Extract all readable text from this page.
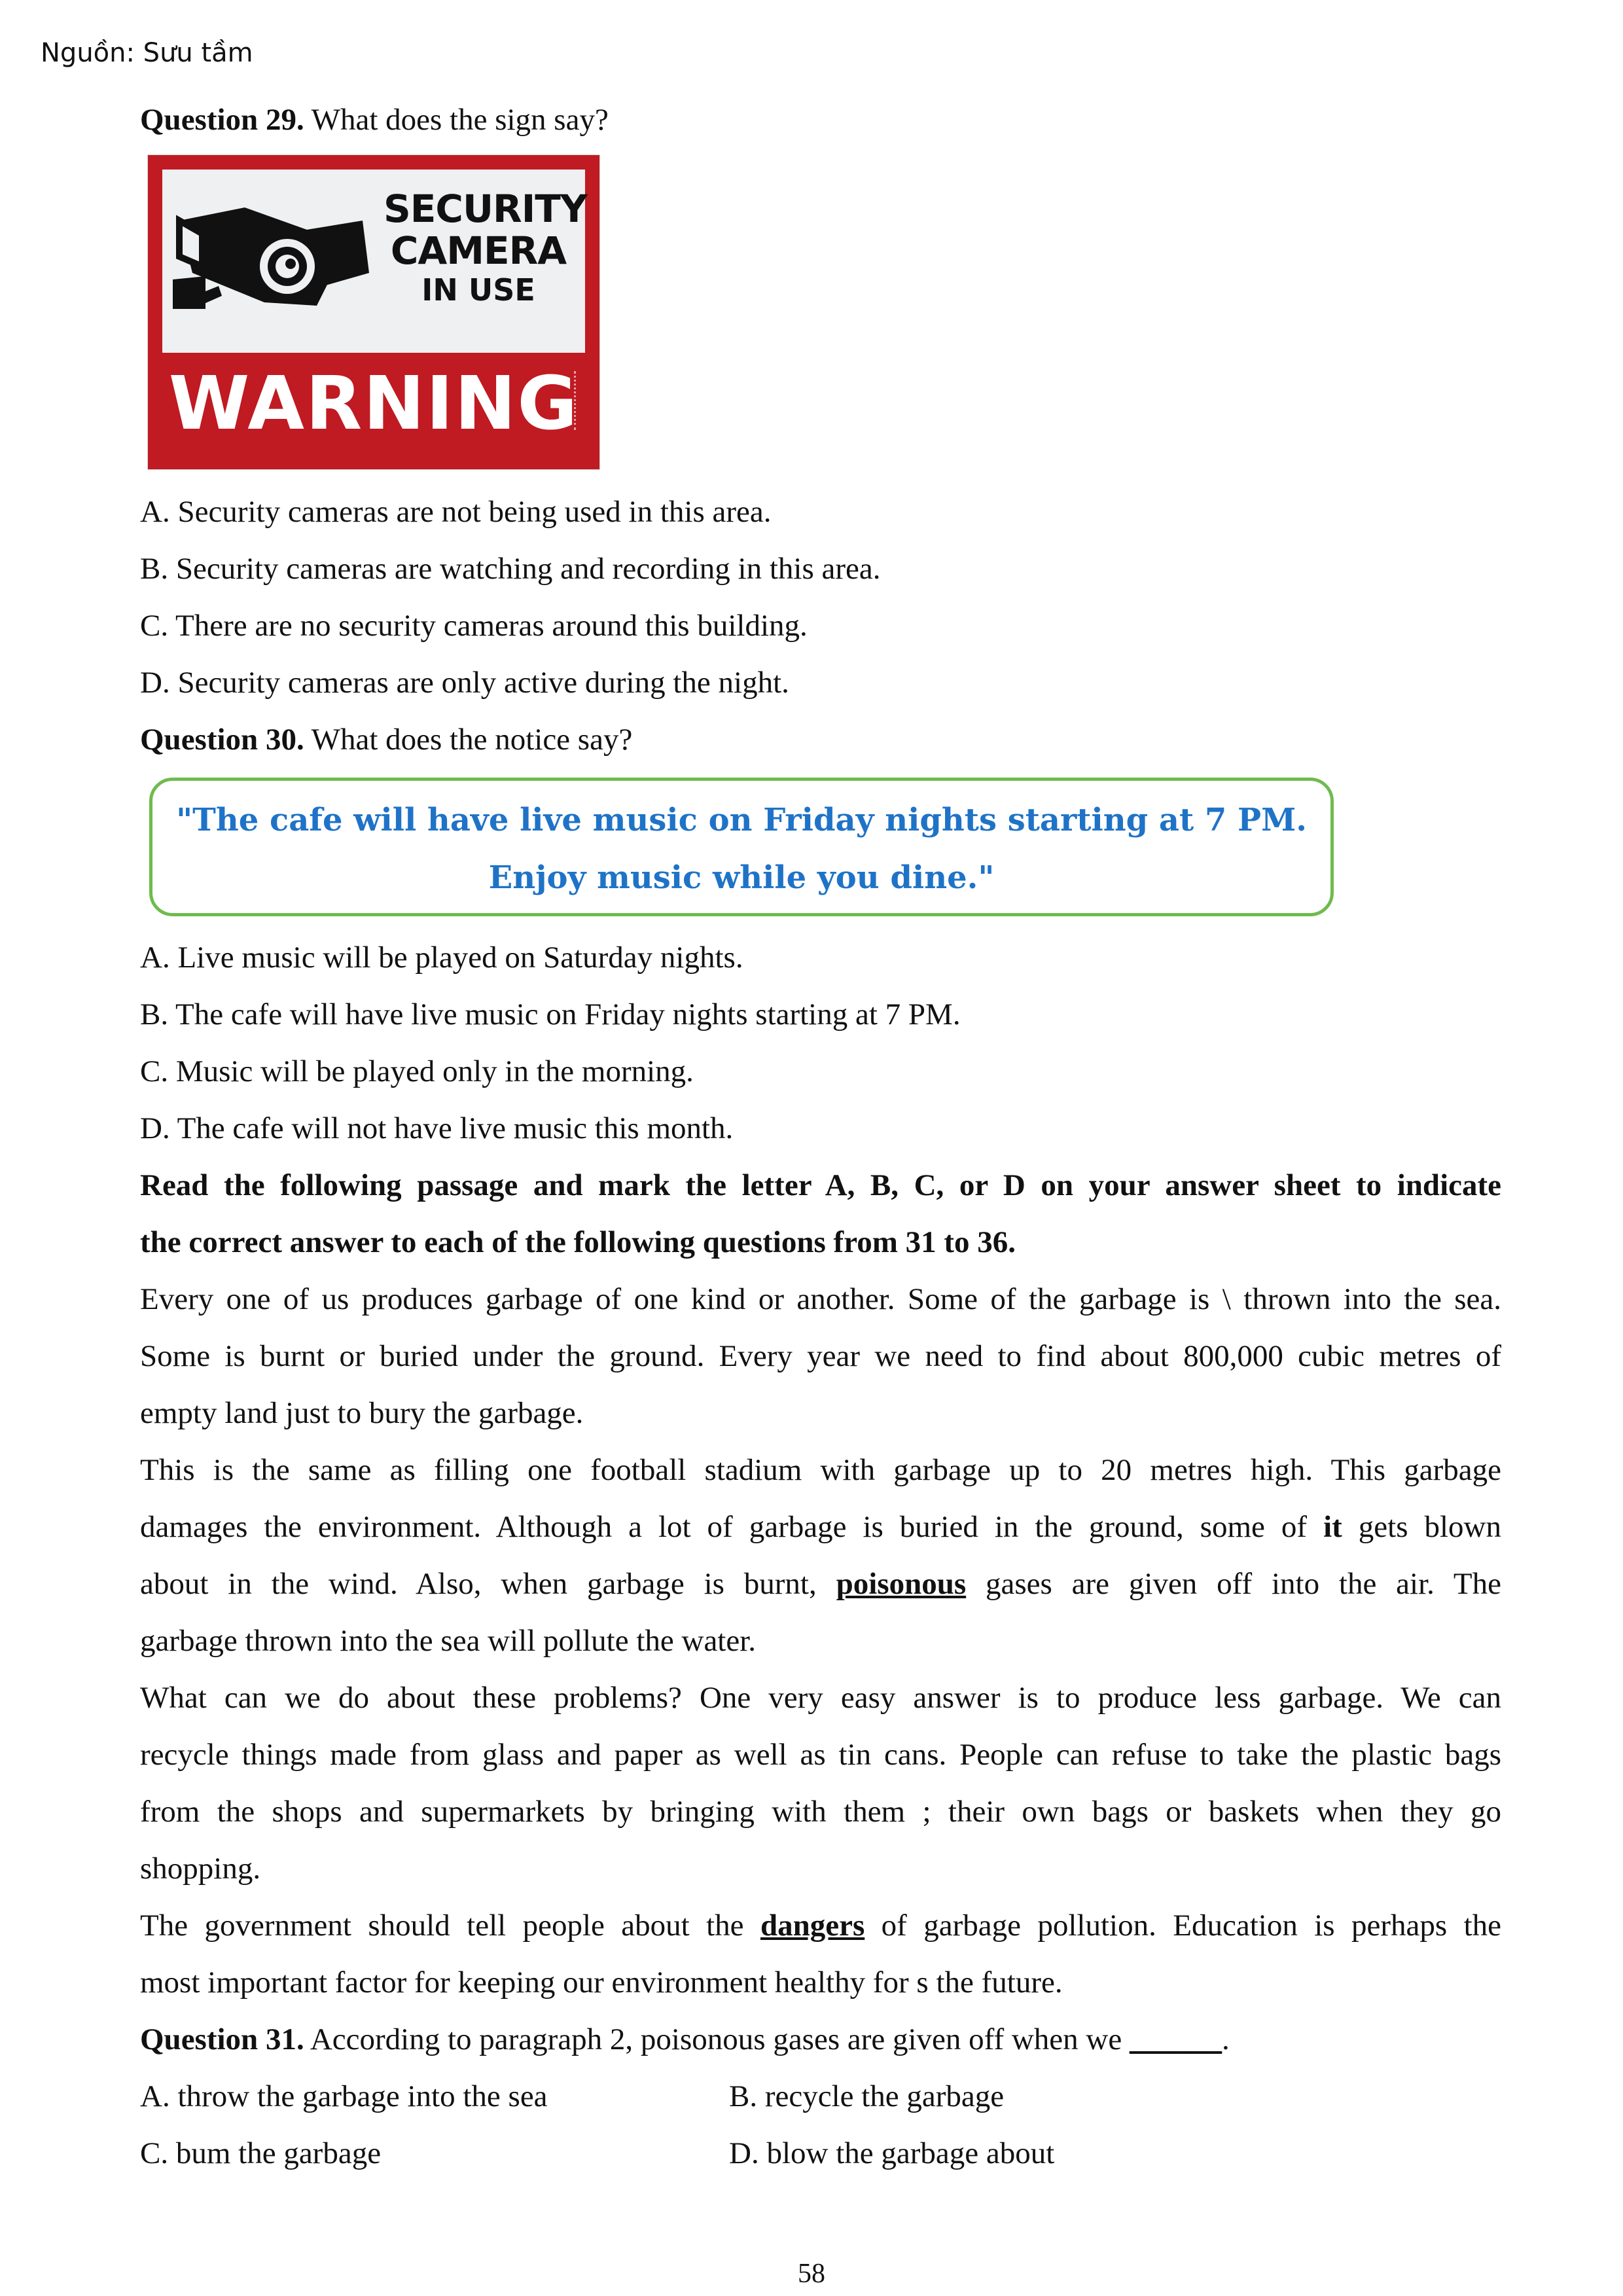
Nguồn: Sưu tầm

Question 29. What does the sign say?

SECURITY
CAMERA
IN USE
WARNING

A. Security cameras are not being used in this area.

B. Security cameras are watching and recording in this area.

C. There are no security cameras around this building.

D. Security cameras are only active during the night.

Question 30. What does the notice say?

"The cafe will have live music on Friday nights starting at 7 PM.
Enjoy music while you dine."

A. Live music will be played on Saturday nights.

B. The cafe will have live music on Friday nights starting at 7 PM.

C. Music will be played only in the morning.

D. The cafe will not have live music this month.

Read the following passage and mark the letter A, B, C, or D on your answer sheet to indicate

the correct answer to each of the following questions from 31 to 36.

Every one of us produces garbage of one kind or another. Some of the garbage is \ thrown into the sea.

Some is burnt or buried under the ground. Every year we need to find about 800,000 cubic metres of

empty land just to bury the garbage.

This is the same as filling one football stadium with garbage up to 20 metres high. This garbage

damages the environment. Although a lot of garbage is buried in the ground, some of it gets blown

about in the wind. Also, when garbage is burnt, poisonous gases are given off into the air. The

garbage thrown into the sea will pollute the water.

What can we do about these problems? One very easy answer is to produce less garbage. We can

recycle things made from glass and paper as well as tin cans. People can refuse to take the plastic bags

from the shops and supermarkets by bringing with them ; their own bags or baskets when they go

shopping.

The government should tell people about the dangers of garbage pollution. Education is perhaps the

most important factor for keeping our environment healthy for s the future.

Question 31. According to paragraph 2, poisonous gases are given off when we ______.

A. throw the garbage into the sea	B. recycle the garbage

C. bum the garbage	D. blow the garbage about

58
